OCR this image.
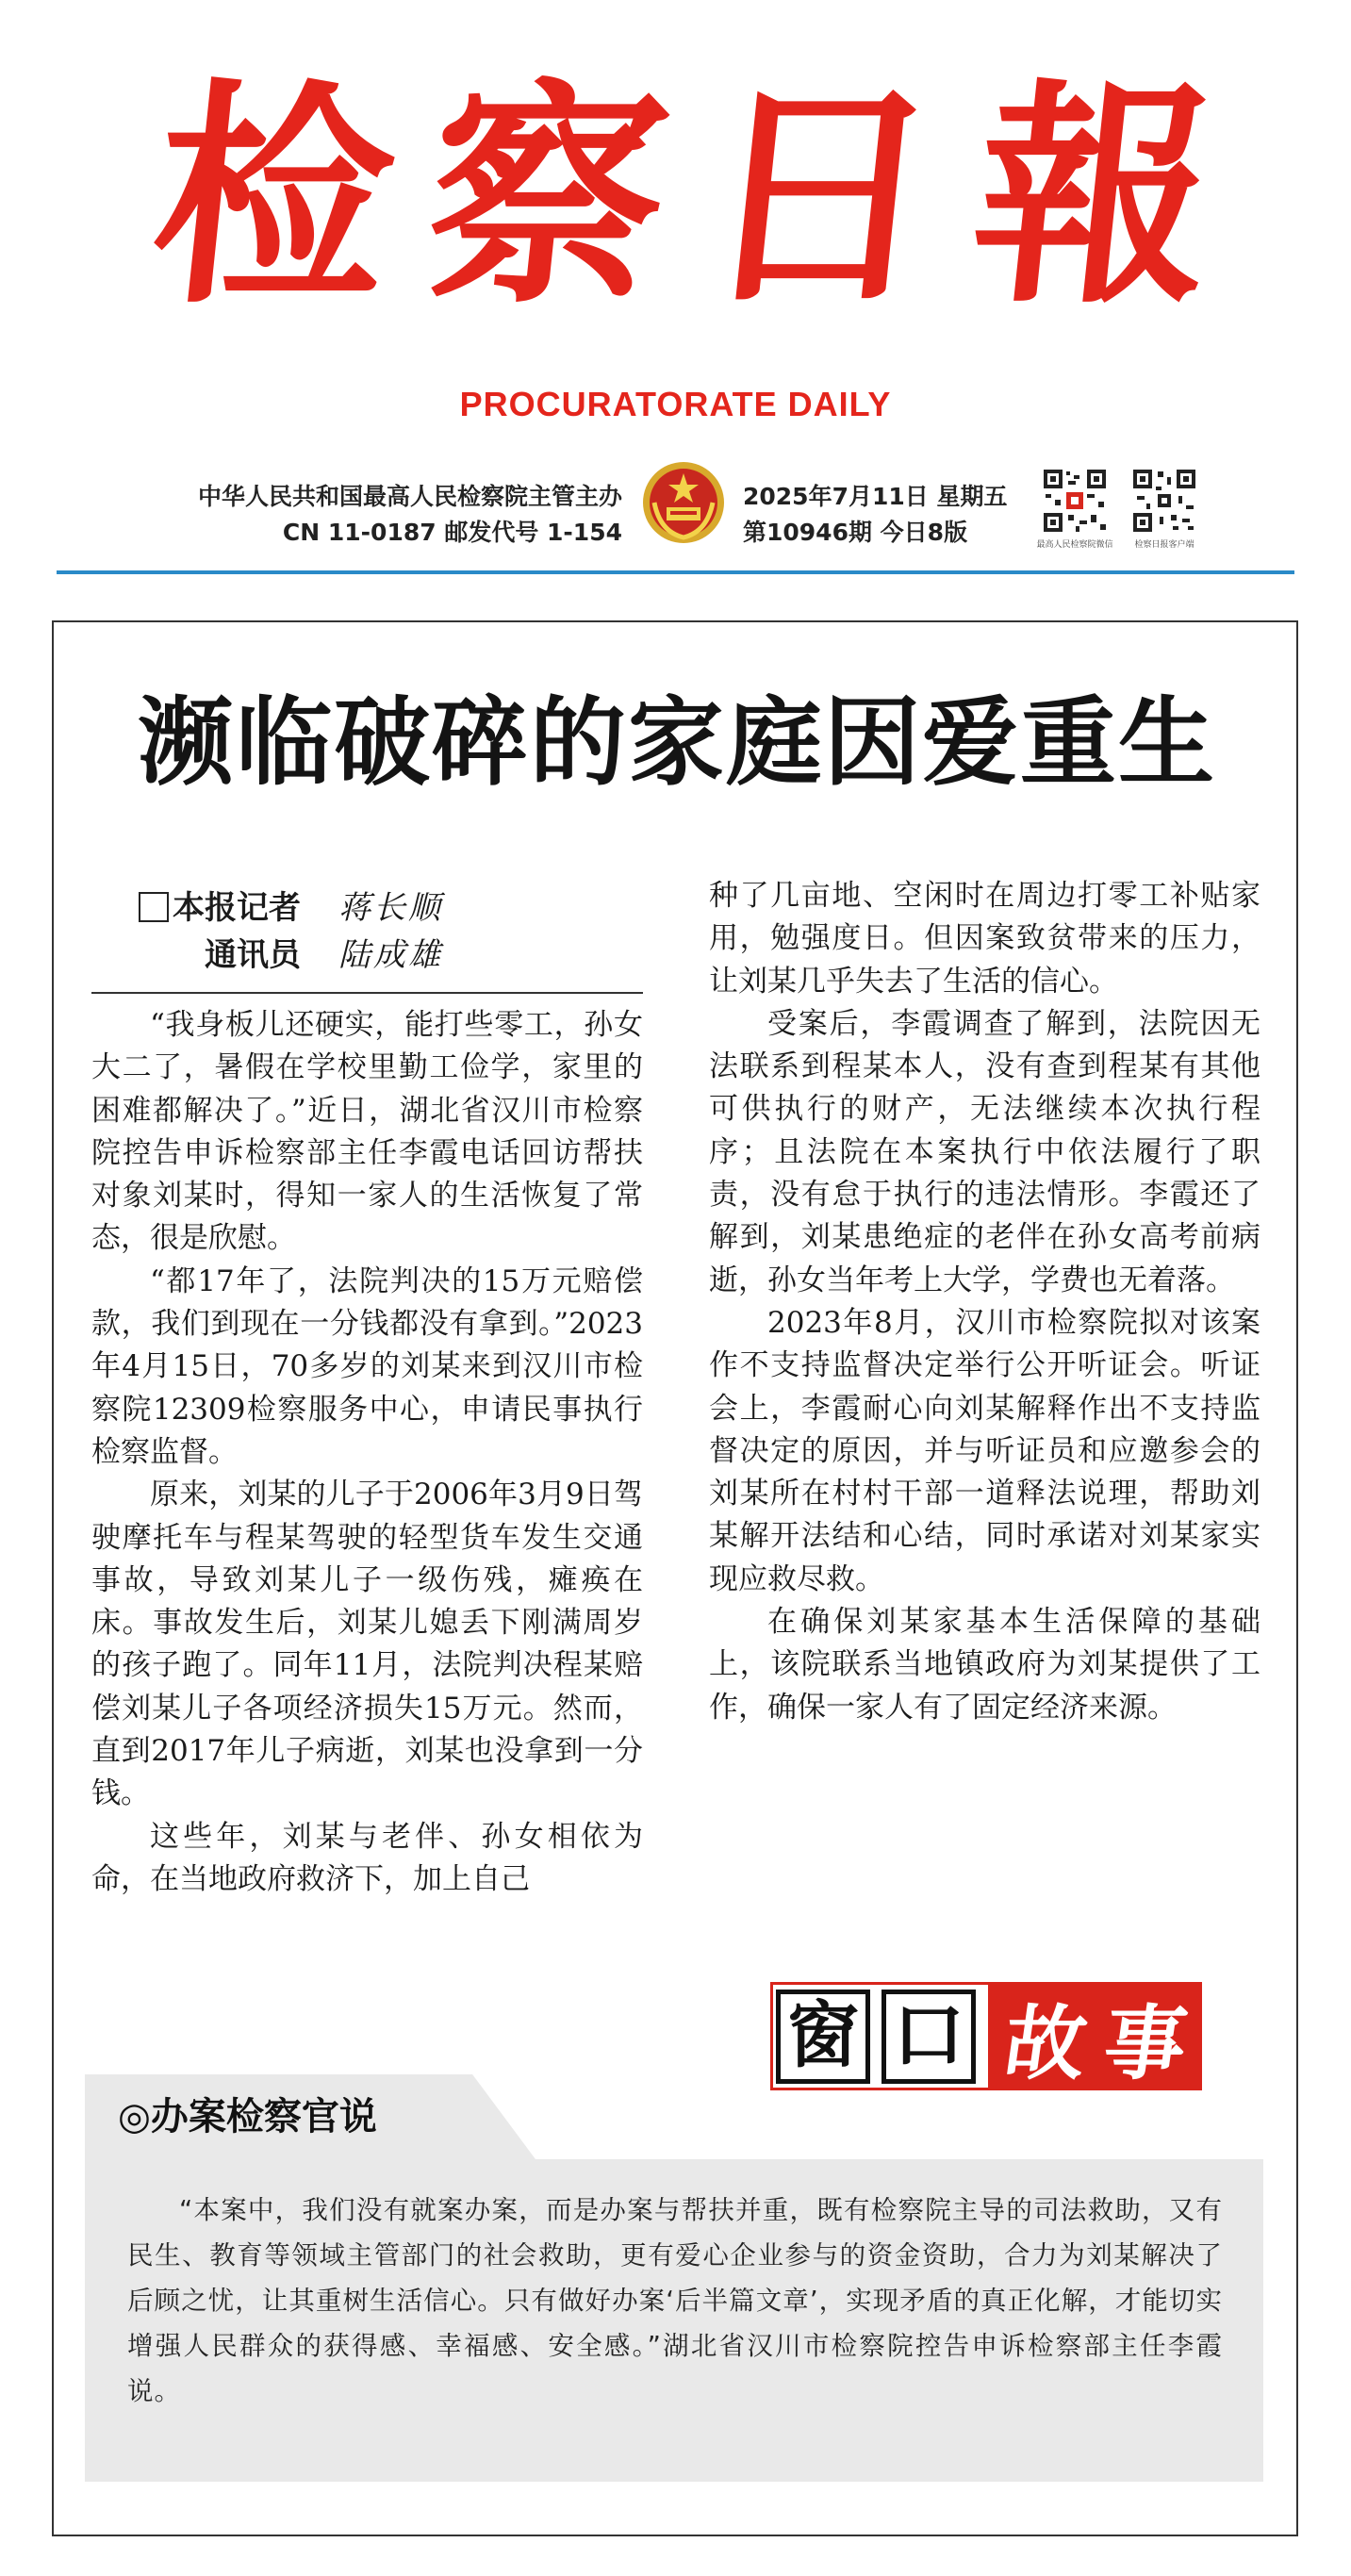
检 察 日 報
PROCURATORATE DAILY
中华人民共和国最高人民检察院主管主办
CN 11-0187 邮发代号 1-154
2025年7月11日 星期五
第10946期 今日8版	最高人民检察院微信	检察日报客户端
濒临破碎的家庭因爱重生
本报记者 蒋长顺
通讯员 陆成雄

“我身板儿还硬实，能打些零工，孙女大二了，暑假在学校里勤工俭学，家里的困难都解决了。”近日，湖北省汉川市检察院控告申诉检察部主任李霞电话回访帮扶对象刘某时，得知一家人的生活恢复了常态，很是欣慰。

“都17年了，法院判决的15万元赔偿款，我们到现在一分钱都没有拿到。”2023年4月15日，70多岁的刘某来到汉川市检察院12309检察服务中心，申请民事执行检察监督。

原来，刘某的儿子于2006年3月9日驾驶摩托车与程某驾驶的轻型货车发生交通事故，导致刘某儿子一级伤残，瘫痪在床。事故发生后，刘某儿媳丢下刚满周岁的孩子跑了。同年11月，法院判决程某赔偿刘某儿子各项经济损失15万元。然而，直到2017年儿子病逝，刘某也没拿到一分钱。

这些年，刘某与老伴、孙女相依为命，在当地政府救济下，加上自己

种了几亩地、空闲时在周边打零工补贴家用，勉强度日。但因案致贫带来的压力，让刘某几乎失去了生活的信心。

受案后，李霞调查了解到，法院因无法联系到程某本人，没有查到程某有其他可供执行的财产，无法继续本次执行程序；且法院在本案执行中依法履行了职责，没有怠于执行的违法情形。李霞还了解到，刘某患绝症的老伴在孙女高考前病逝，孙女当年考上大学，学费也无着落。

2023年8月，汉川市检察院拟对该案作不支持监督决定举行公开听证会。听证会上，李霞耐心向刘某解释作出不支持监督决定的原因，并与听证员和应邀参会的刘某所在村村干部一道释法说理，帮助刘某解开法结和心结，同时承诺对刘某家实现应救尽救。

在确保刘某家基本生活保障的基础上，该院联系当地镇政府为刘某提供了工作，确保一家人有了固定经济来源。

窗 口 故 事
◎办案检察官说

“本案中，我们没有就案办案，而是办案与帮扶并重，既有检察院主导的司法救助，又有民生、教育等领域主管部门的社会救助，更有爱心企业参与的资金资助，合力为刘某解决了后顾之忧，让其重树生活信心。只有做好办案‘后半篇文章’，实现矛盾的真正化解，才能切实增强人民群众的获得感、幸福感、安全感。”湖北省汉川市检察院控告申诉检察部主任李霞说。
